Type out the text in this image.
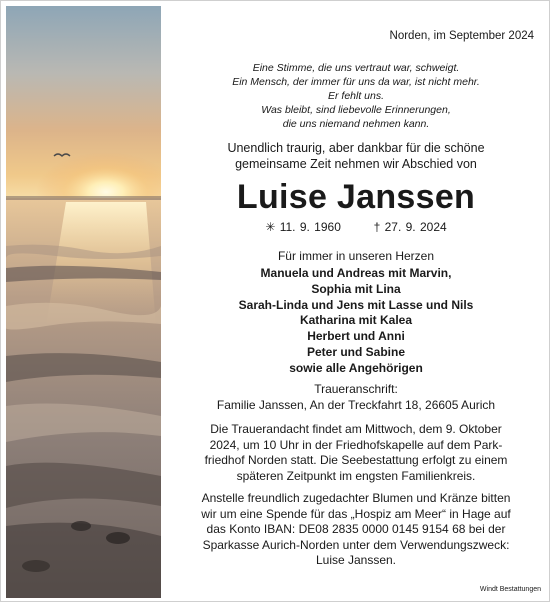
Norden, im September 2024

Eine Stimme, die uns vertraut war, schweigt.
Ein Mensch, der immer für uns da war, ist nicht mehr.
Er fehlt uns.
Was bleibt, sind liebevolle Erinnerungen,
die uns niemand nehmen kann.

Unendlich traurig, aber dankbar für die schöne
gemeinsame Zeit nehmen wir Abschied von

Luise Janssen

✳ 11. 9. 1960	† 27. 9. 2024

Für immer in unseren Herzen

Manuela und Andreas mit Marvin,
Sophia mit Lina
Sarah-Linda und Jens mit Lasse und Nils
Katharina mit Kalea
Herbert und Anni
Peter und Sabine
sowie alle Angehörigen

Traueranschrift:
Familie Janssen, An der Treckfahrt 18, 26605 Aurich

Die Trauerandacht findet am Mittwoch, dem 9. Oktober
2024, um 10 Uhr in der Friedhofskapelle auf dem Park-
friedhof Norden statt. Die Seebestattung erfolgt zu einem
späteren Zeitpunkt im engsten Familienkreis.

Anstelle freundlich zugedachter Blumen und Kränze bitten
wir um eine Spende für das „Hospiz am Meer“ in Hage auf
das Konto IBAN: DE08 2835 0000 0145 9154 68 bei der
Sparkasse Aurich-Norden unter dem Verwendungszweck:
Luise Janssen.

Windt Bestattungen
